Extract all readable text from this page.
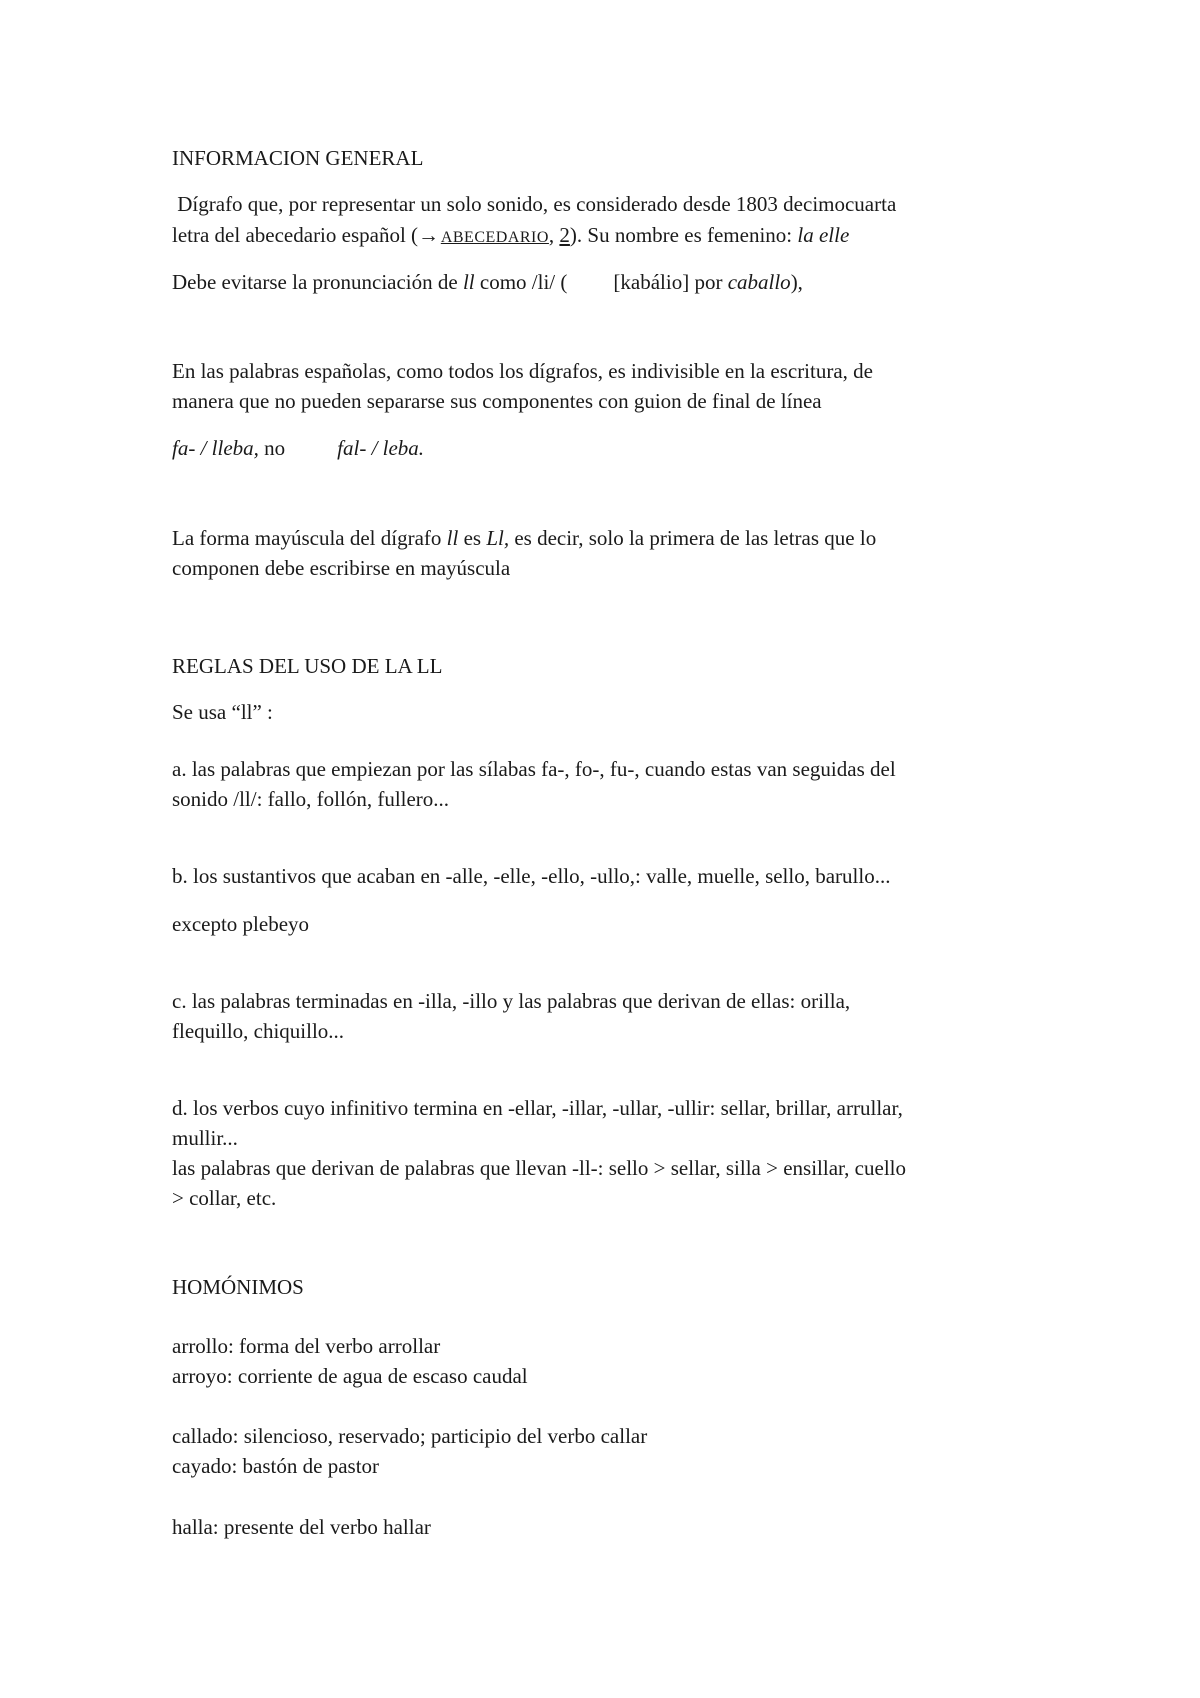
INFORMACION GENERAL
Dígrafo que, por representar un solo sonido, es considerado desde 1803 decimocuarta
letra del abecedario español (→  ABECEDARIO, 2). Su nombre es femenino: la elle
Debe evitarse la pronunciación de ll como /li/ ( [kabálio] por caballo),
En las palabras españolas, como todos los dígrafos, es indivisible en la escritura, de
manera que no pueden separarse sus componentes con guion de final de línea
fa- / lleba, no fal- / leba.
La forma mayúscula del dígrafo ll es Ll, es decir, solo la primera de las letras que lo
componen debe escribirse en mayúscula
REGLAS DEL USO DE LA LL
Se usa “ll” :
a. las palabras que empiezan por las sílabas fa-, fo-, fu-, cuando estas van seguidas del
sonido /ll/: fallo, follón, fullero...
b. los sustantivos que acaban en -alle, -elle, -ello, -ullo,: valle, muelle, sello, barullo...
excepto plebeyo
c. las palabras terminadas en -illa, -illo y las palabras que derivan de ellas: orilla,
flequillo, chiquillo...
d. los verbos cuyo infinitivo termina en -ellar, -illar, -ullar, -ullir: sellar, brillar, arrullar,
mullir...
las palabras que derivan de palabras que llevan -ll-: sello > sellar, silla > ensillar, cuello
> collar, etc.
HOMÓNIMOS
arrollo: forma del verbo arrollar
arroyo: corriente de agua de escaso caudal
callado: silencioso, reservado; participio del verbo callar
cayado: bastón de pastor
halla: presente del verbo hallar
